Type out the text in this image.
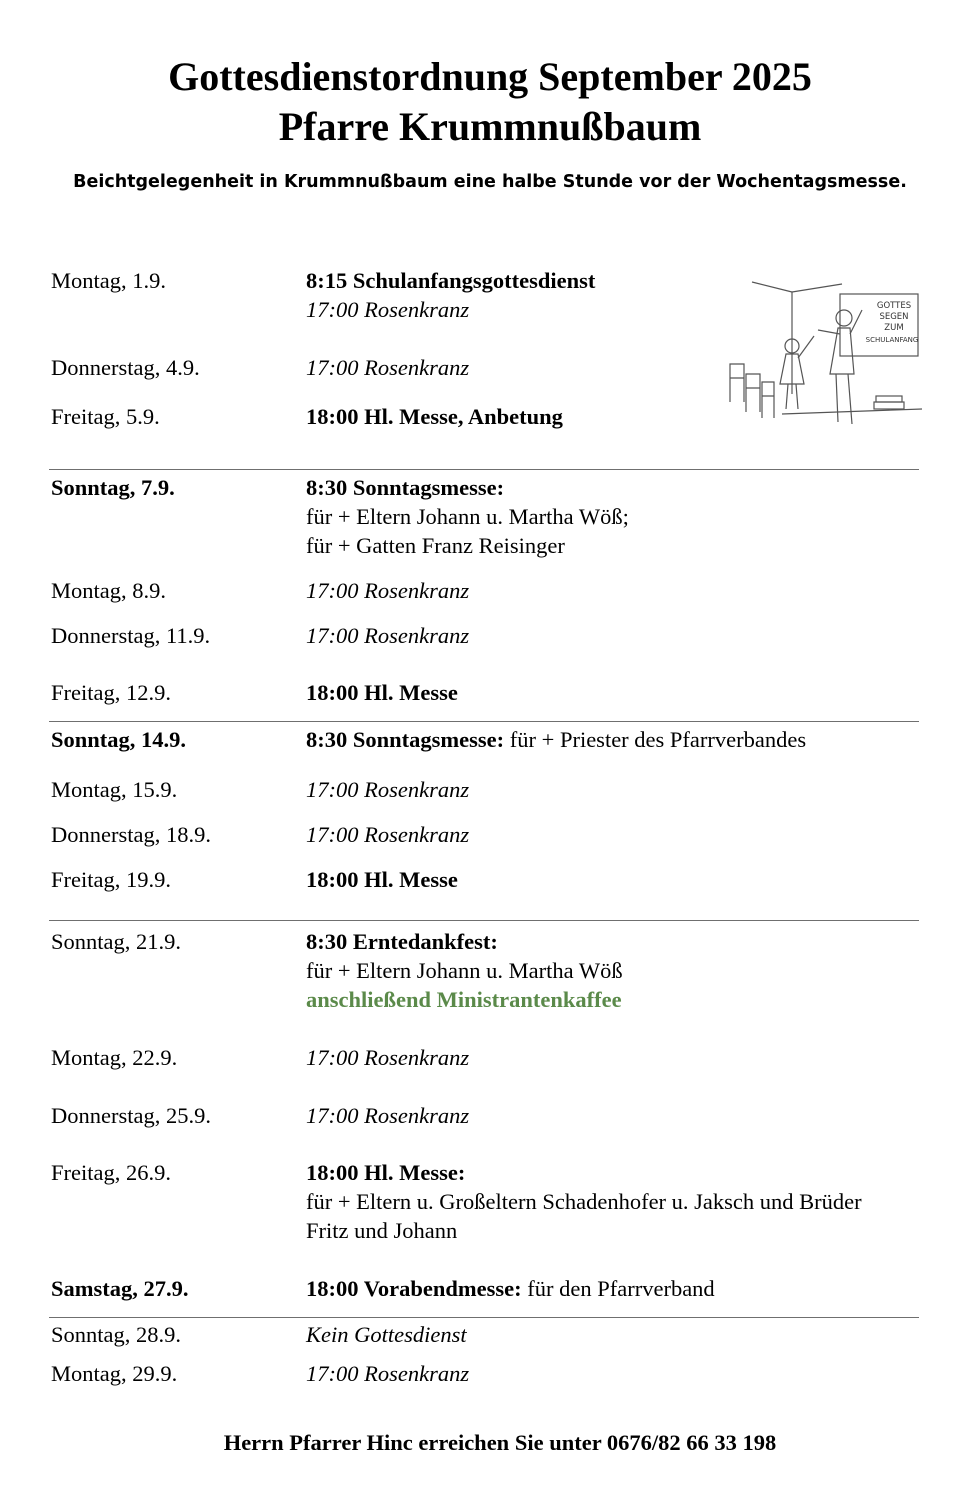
Gottesdienstordnung September 2025
Pfarre Krummnußbaum
Beichtgelegenheit in Krummnußbaum eine halbe Stunde vor der Wochentagsmesse.
Montag, 1.9.	8:15 Schulanfangsgottesdienst
17:00 Rosenkranz
Donnerstag, 4.9.	17:00 Rosenkranz
Freitag, 5.9.	18:00 Hl. Messe, Anbetung
GOTTES
SEGEN
ZUM
SCHULANFANG
Sonntag, 7.9.	8:30 Sonntagsmesse:
für + Eltern Johann u. Martha Wöß;
für + Gatten Franz Reisinger
Montag, 8.9.	17:00 Rosenkranz
Donnerstag, 11.9.	17:00 Rosenkranz
Freitag, 12.9.	18:00 Hl. Messe
Sonntag, 14.9.	8:30 Sonntagsmesse: für + Priester des Pfarrverbandes
Montag, 15.9.	17:00 Rosenkranz
Donnerstag, 18.9.	17:00 Rosenkranz
Freitag, 19.9.	18:00 Hl. Messe
Sonntag, 21.9.	8:30 Erntedankfest:
für + Eltern Johann u. Martha Wöß
anschließend Ministrantenkaffee
Montag, 22.9.	17:00 Rosenkranz
Donnerstag, 25.9.	17:00 Rosenkranz
Freitag, 26.9.	18:00 Hl. Messe:
für + Eltern u. Großeltern Schadenhofer u. Jaksch und Brüder
Fritz und Johann
Samstag, 27.9.	18:00 Vorabendmesse: für den Pfarrverband
Sonntag, 28.9.	Kein Gottesdienst
Montag, 29.9.	17:00 Rosenkranz
Herrn Pfarrer Hinc erreichen Sie unter 0676/82 66 33 198
